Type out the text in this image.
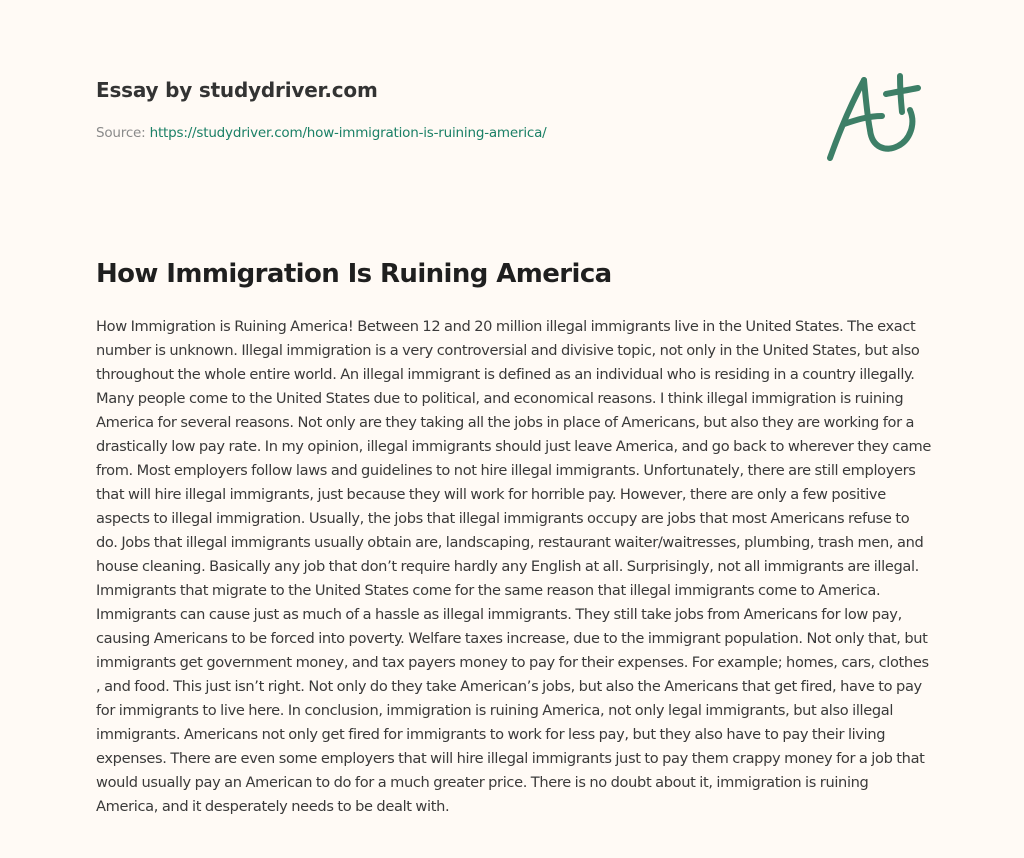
Essay by studydriver.com
Source: https://studydriver.com/how-immigration-is-ruining-america/
How Immigration Is Ruining America

How Immigration is Ruining America! Between 12 and 20 million illegal immigrants live in the United States. The exact number is unknown. Illegal immigration is a very controversial and divisive topic, not only in the United States, but also throughout the whole entire world. An illegal immigrant is defined as an individual who is residing in a country illegally. Many people come to the United States due to political, and economical reasons. I think illegal immigration is ruining America for several reasons. Not only are they taking all the jobs in place of Americans, but also they are working for a drastically low pay rate. In my opinion, illegal immigrants should just leave America, and go back to wherever they came from. Most employers follow laws and guidelines to not hire illegal immigrants. Unfortunately, there are still employers that will hire illegal immigrants, just because they will work for horrible pay. However, there are only a few positive aspects to illegal immigration. Usually, the jobs that illegal immigrants occupy are jobs that most Americans refuse to do. Jobs that illegal immigrants usually obtain are, landscaping, restaurant waiter/waitresses, plumbing, trash men, and house cleaning. Basically any job that don’t require hardly any English at all. Surprisingly, not all immigrants are illegal. Immigrants that migrate to the United States come for the same reason that illegal immigrants come to America. Immigrants can cause just as much of a hassle as illegal immigrants. They still take jobs from Americans for low pay, causing Americans to be forced into poverty. Welfare taxes increase, due to the immigrant population. Not only that, but immigrants get government money, and tax payers money to pay for their expenses. For example; homes, cars, clothes , and food. This just isn’t right. Not only do they take American’s jobs, but also the Americans that get fired, have to pay for immigrants to live here. In conclusion, immigration is ruining America, not only legal immigrants, but also illegal immigrants. Americans not only get fired for immigrants to work for less pay, but they also have to pay their living expenses. There are even some employers that will hire illegal immigrants just to pay them crappy money for a job that would usually pay an American to do for a much greater price. There is no doubt about it, immigration is ruining America, and it desperately needs to be dealt with.
